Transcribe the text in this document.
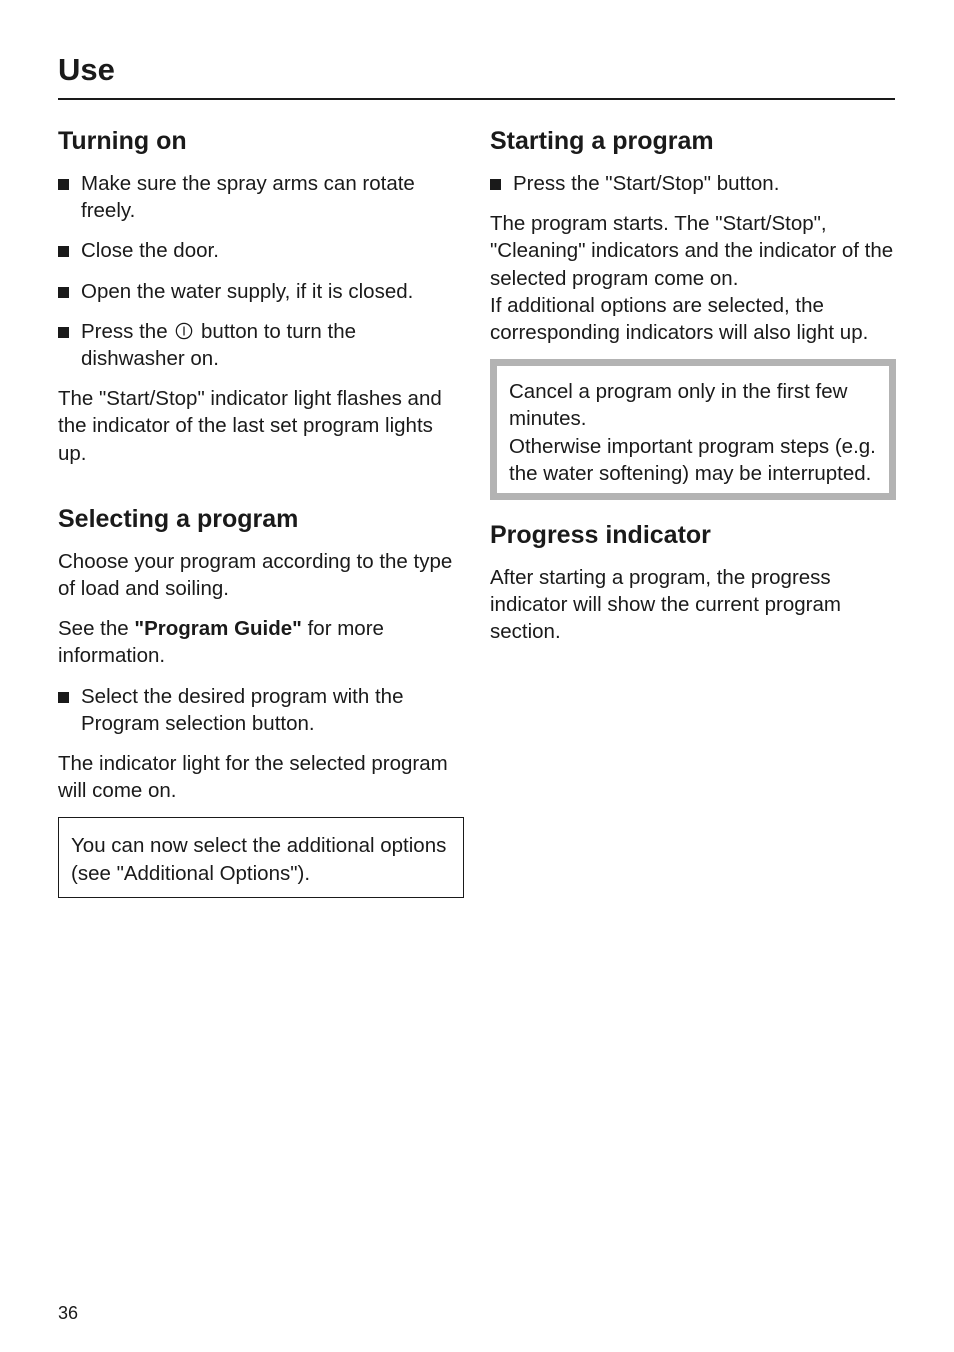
Use
Turning on
Make sure the spray arms can rotate freely.
Close the door.
Open the water supply, if it is closed.
Press the button to turn the dishwasher on.

The "Start/Stop" indicator light flashes and the indicator of the last set program lights up.

Selecting a program

Choose your program according to the type of load and soiling.

See the "Program Guide" for more information.

Select the desired program with the Program selection button.

The indicator light for the selected program will come on.

You can now select the additional options (see "Additional Options").

Starting a program
Press the "Start/Stop" button.

The program starts. The "Start/Stop", "Cleaning" indicators and the indicator of the selected program come on.
If additional options are selected, the corresponding indicators will also light up.

Cancel a program only in the first few minutes.
Otherwise important program steps (e.g. the water softening) may be interrupted.

Progress indicator

After starting a program, the progress indicator will show the current program section.

36
